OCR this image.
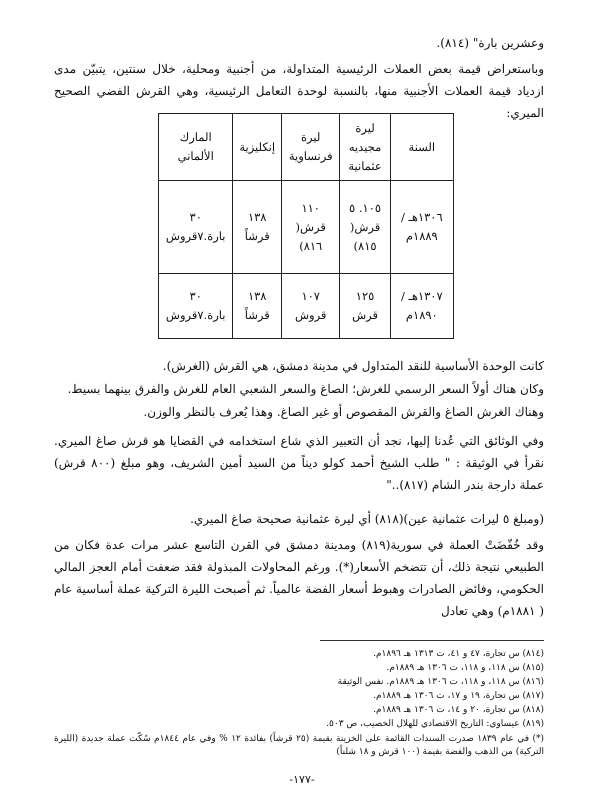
وعشرين بارة" (٨١٤).
وباستعراض قيمة بعض العملات الرئيسية المتداولة، من أجنبية ومحلية، خلال سنتين، يتبيّن مدى ازدياد قيمة العملات الأجنبية منها، بالنسبة لوحدة التعامل الرئيسية، وهي القرش الفضي الصحيح الميري:
السنة	ليرة مجيديه عثمانية	ليرة فرنساوية	إنكليزية	المارك الألماني
١٣٠٦هـ / ١٨٨٩م	١٠٥. ٥ قرش( ٨١٥)	١١٠ قرش( ٨١٦)	١٣٨ قرشاً	٣٠ بارة.٧قروش
١٣٠٧هـ / ١٨٩٠م	١٢٥ قرش	١٠٧ قروش	١٣٨ قرشاً	٣٠ بارة.٧قروش
كانت الوحدة الأساسية للنقد المتداول في مدينة دمشق، هي القرش (الغرش).
وكان هناك أولاً السعر الرسمي للغرش؛ الصاغ والسعر الشعبي العام للغرش والفرق بينهما بسيط.
وهناك الغرش الصاغ والقرش المقصوص أو غير الصاغ. وهذا يُعرف بالنظر والوزن.
وفي الوثائق التي عُدنا إليها، نجد أن التعبير الذي شاع استخدامه في القضايا هو قرش صاغ الميري. نقرأ في الوثيقة : " طلب الشيخ أحمد كولو ديناً من السيد أمين الشريف، وهو مبلغ (٨٠٠ قرش) عملة دارجة بندر الشام (٨١٧).."
(ومبلغ ٥ ليرات عثمانية عين)(٨١٨) أي ليرة عثمانية صحيحة صاغ الميري.
وقد خُفّضَتْ العملة في سورية(٨١٩) ومدينة دمشق في القرن التاسع عشر مرات عدة فكان من الطبيعي نتيجة ذلك، أن تتضخم الأسعار(*). ورغم المحاولات المبذولة فقد ضعفت أمام العجز المالي الحكومي، وفائض الصادرات وهبوط أسعار الفضة عالمياً. ثم أصبحت الليرة التركية عملة أساسية عام ( ١٨٨١م) وهي تعادل
(٨١٤) س تجارة، ٤٧ و ٤١، ت ١٣١٣ هـ ١٨٩٦م.
(٨١٥) س ١١٨، و ١١٨، ت ١٣٠٦ هـ ١٨٨٩م.
(٨١٦) س ١١٨، و ١١٨، ت ١٣٠٦ هـ ١٨٨٩م. نفس الوثيقة
(٨١٧) س تجارة، ١٩ و ١٧، ت ١٣٠٦ هـ ١٨٨٩م.
(٨١٨) س تجارة، ٢٠ و ١٤، ت ١٣٠٦ هـ ١٨٨٩م.
(٨١٩) عيساوي: التاريخ الاقتصادي للهلال الخصيب، ص ٥٠٣.
(*) في عام ١٨٣٩ صدرت السندات القائمة على الخزينة بقيمة (٢٥ قرشاً) بفائدة ١٢ % وفي عام ١٨٤٤م سُكّت عملة جديدة (الليرة التركية) من الذهب والفضة بقيمة (١٠٠ قرش و ١٨ شلناً)
-١٧٧-
